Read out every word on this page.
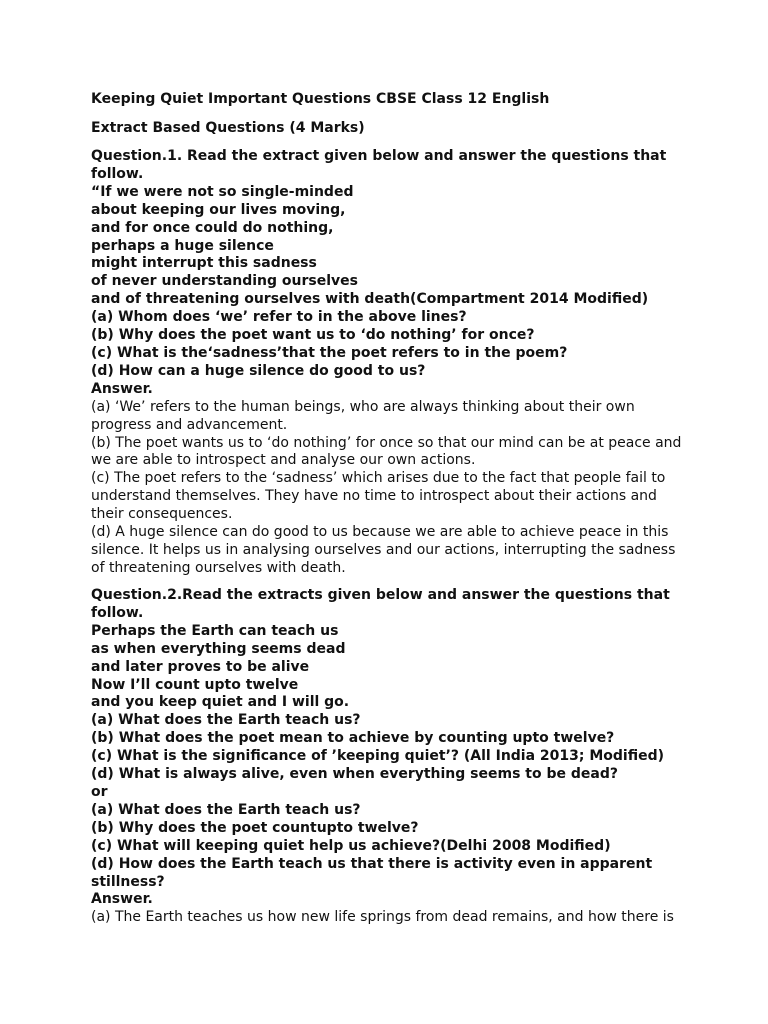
Keeping Quiet Important Questions CBSE Class 12 English
Extract Based Questions (4 Marks)
Question.1. Read the extract given below and answer the questions that follow.
“If we were not so single-minded
about keeping our lives moving,
and for once could do nothing,
perhaps a huge silence
might interrupt this sadness
of never understanding ourselves
and of threatening ourselves with death(Compartment 2014 Modified)
(a) Whom does ‘we’ refer to in the above lines?
(b) Why does the poet want us to ‘do nothing’ for once?
(c) What is the‘sadness’that the poet refers to in the poem?
(d) How can a huge silence do good to us?
Answer.
(a) ‘We’ refers to the human beings, who are always thinking about their own progress and advancement.
(b) The poet wants us to ‘do nothing’ for once so that our mind can be at peace and we are able to introspect and analyse our own actions.
(c) The poet refers to the ‘sadness’ which arises due to the fact that people fail to understand themselves. They have no time to introspect about their actions and their consequences.
(d) A huge silence can do good to us because we are able to achieve peace in this silence. It helps us in analysing ourselves and our actions, interrupting the sadness of threatening ourselves with death.
Question.2.Read the extracts given below and answer the questions that follow.
Perhaps the Earth can teach us
as when everything seems dead
and later proves to be alive
Now I’ll count upto twelve
and you keep quiet and I will go.
(a) What does the Earth teach us?
(b) What does the poet mean to achieve by counting upto twelve?
(c) What is the significance of ’keeping quiet’? (All India 2013; Modified)
(d) What is always alive, even when everything seems to be dead?
or
(a) What does the Earth teach us?
(b) Why does the poet countupto twelve?
(c) What will keeping quiet help us achieve?(Delhi 2008 Modified)
(d) How does the Earth teach us that there is activity even in apparent stillness?
Answer.
(a) The Earth teaches us how new life springs from dead remains, and how there is
